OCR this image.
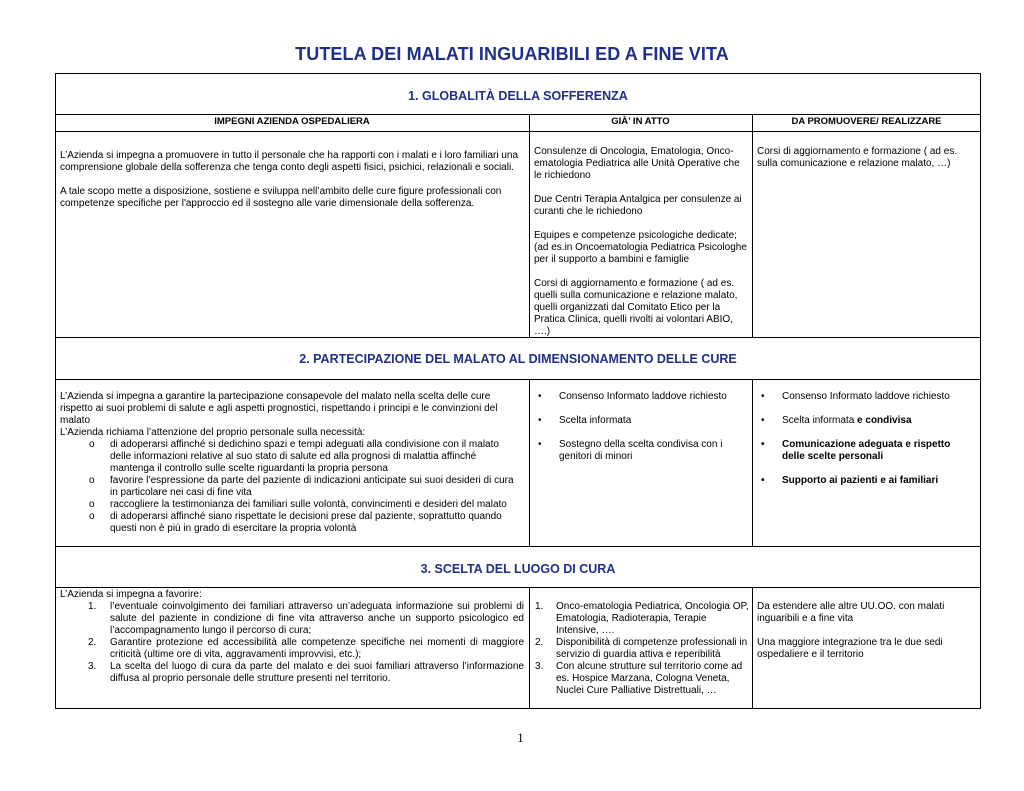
TUTELA DEI MALATI INGUARIBILI ED A FINE VITA
1. GLOBALITÀ DELLA SOFFERENZA
IMPEGNI AZIENDA OSPEDALIERA	GIÀ’ IN ATTO	DA PROMUOVERE/ REALIZZARE

L’Azienda si impegna a promuovere in tutto il personale che ha rapporti con i malati e i loro familiari una comprensione globale della sofferenza che tenga conto degli aspetti fisici, psichici, relazionali e sociali.

A tale scopo mette a disposizione, sostiene e sviluppa nell’ambito delle cure figure professionali con competenze specifiche per l'approccio ed il sostegno alle varie dimensionale della sofferenza.

Consulenze di Oncologia, Ematologia, Onco-ematologia Pediatrica alle Unità Operative che le richiedono

Due Centri Terapia Antalgica per consulenze ai curanti che le richiedono

Equipes e competenze psicologiche dedicate; (ad es.in Oncoematologia Pediatrica Psicologhe per il supporto a bambini e famiglie

Corsi di aggiornamento e formazione ( ad es. quelli sulla comunicazione e relazione malato, quelli organizzati dal Comitato Etico per la Pratica Clinica, quelli rivolti ai volontari ABIO, ….)

Corsi di aggiornamento e formazione ( ad es. sulla comunicazione e relazione malato, …)

2. PARTECIPAZIONE DEL MALATO AL DIMENSIONAMENTO DELLE CURE

L’Azienda si impegna a garantire la partecipazione consapevole del malato nella scelta delle cure rispetto ai suoi problemi di salute e agli aspetti prognostici, rispettando i principi e le convinzioni del malato

L’Azienda richiama l’attenzione del proprio personale sulla necessità:

o di adoperarsi affinché si dedichino spazi e tempi adeguati alla condivisione con il malato delle informazioni relative al suo stato di salute ed alla prognosi di malattia affinché mantenga il controllo sulle scelte riguardanti la propria persona
o favorire l’espressione da parte del paziente di indicazioni anticipate sui suoi desideri di cura in particolare nei casi di fine vita
o raccogliere la testimonianza dei familiari sulle volontà, convincimenti e desideri del malato
o di adoperarsi affinché siano rispettate le decisioni prese dal paziente, soprattutto quando questi non è più in grado di esercitare la propria volontà
• Consenso Informato laddove richiesto
• Scelta informata
• Sostegno della scelta condivisa con i genitori di minori
• Consenso Informato laddove richiesto
• Scelta informata e condivisa
• Comunicazione adeguata e rispetto delle scelte personali
• Supporto ai pazienti e ai familiari
3. SCELTA DEL LUOGO DI CURA

L’Azienda si impegna a favorire:

1. l’eventuale coinvolgimento dei familiari attraverso un’adeguata informazione sui problemi di salute del paziente in condizione di fine vita attraverso anche un supporto psicologico ed l’accompagnamento lungo il percorso di cura;
2. Garantire protezione ed accessibilità alle competenze specifiche nei momenti di maggiore criticità (ultime ore di vita, aggravamenti improvvisi, etc.);
3. La scelta del luogo di cura da parte del malato e dei suoi familiari attraverso l’informazione diffusa al proprio personale delle strutture presenti nel territorio.
1. Onco-ematologia Pediatrica, Oncologia OP, Ematologia, Radioterapia, Terapie Intensive, ….
2. Disponibilità di competenze professionali in servizio di guardia attiva e reperibilità
3. Con alcune strutture sul territorio come ad es. Hospice Marzana, Cologna Veneta, Nuclei Cure Palliative Distrettuali, …

Da estendere alle altre UU.OO. con malati inguaribili e a fine vita

Una maggiore integrazione tra le due sedi ospedaliere e il territorio

1
